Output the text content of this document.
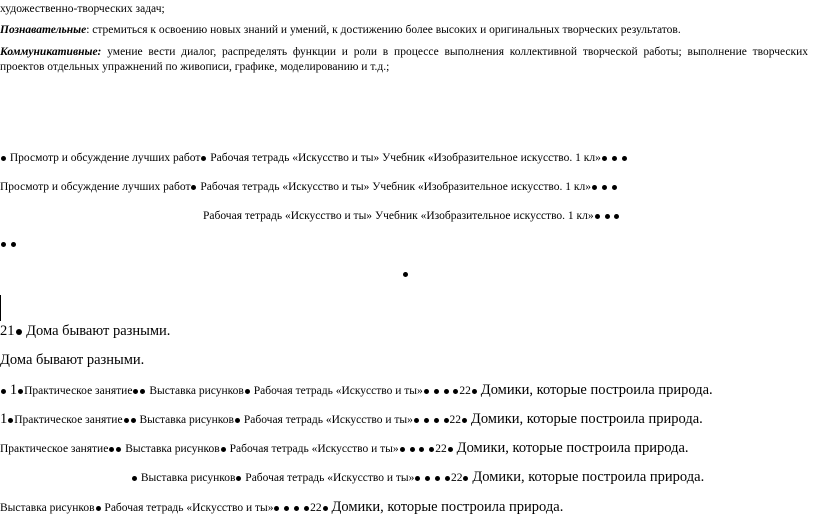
художественно-творческих задач;
Познавательные: стремиться к освоению новых знаний и умений, к достижению более высоких и оригинальных творческих результатов.
Коммуникативные: умение вести диалог, распределять функции и роли в процессе выполнения коллективной творческой работы; выполнение творческих проектов отдельных упражнений по живописи, графике, моделированию и т.д.;
Просмотр и обсуждение лучших работ Рабочая тетрадь «Искусство и ты» Учебник «Изобразительное искусство. 1 кл»
Просмотр и обсуждение лучших работ Рабочая тетрадь «Искусство и ты» Учебник «Изобразительное искусство. 1 кл»
Рабочая тетрадь «Искусство и ты» Учебник «Изобразительное искусство. 1 кл»

21 Дома бывают разными.
Дома бывают разными.
1 Практическое занятие Выставка рисунков Рабочая тетрадь «Искусство и ты»	22 Домики, которые построила природа.
1 Практическое занятие Выставка рисунков Рабочая тетрадь «Искусство и ты»	22 Домики, которые построила природа.
Практическое занятие Выставка рисунков Рабочая тетрадь «Искусство и ты»	22 Домики, которые построила природа.
Выставка рисунков Рабочая тетрадь «Искусство и ты»	22 Домики, которые построила природа.
Выставка рисунков Рабочая тетрадь «Искусство и ты»	22 Домики, которые построила природа.
